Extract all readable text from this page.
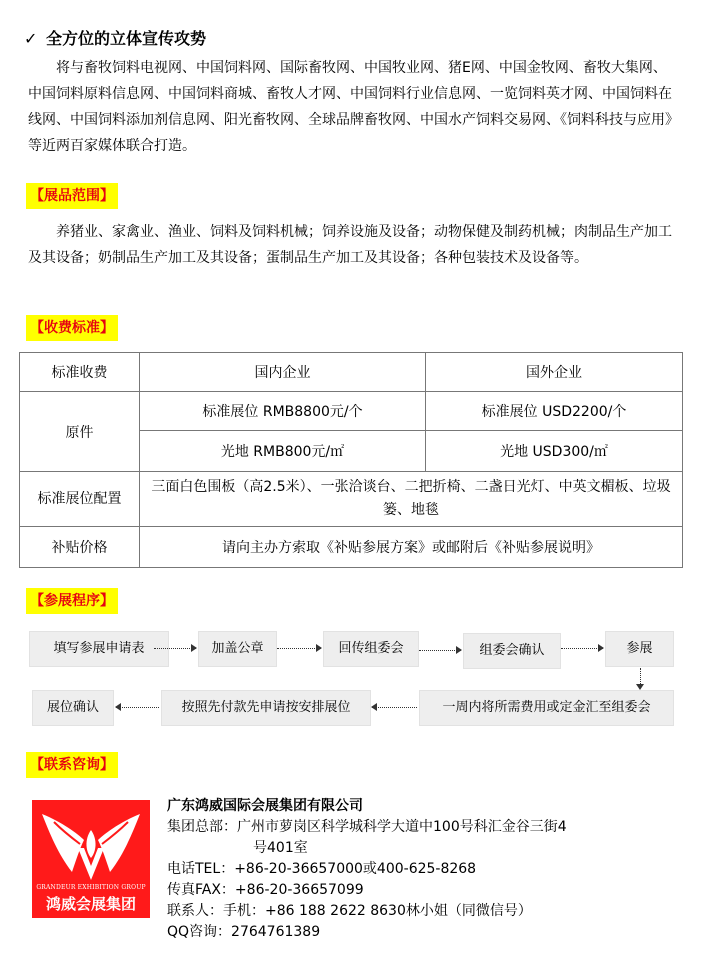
✓ 全方位的立体宣传攻势
将与畜牧饲料电视网、中国饲料网、国际畜牧网、中国牧业网、猪E网、中国金牧网、畜牧大集网、中国饲料原料信息网、中国饲料商城、畜牧人才网、中国饲料行业信息网、一览饲料英才网、中国饲料在线网、中国饲料添加剂信息网、阳光畜牧网、全球品牌畜牧网、中国水产饲料交易网、《饲料科技与应用》等近两百家媒体联合打造。
【展品范围】
养猪业、家禽业、渔业、饲料及饲料机械；饲养设施及设备；动物保健及制药机械；肉制品生产加工及其设备；奶制品生产加工及其设备；蛋制品生产加工及其设备；各种包装技术及设备等。
【收费标准】
标准收费	国内企业	国外企业
原件	标准展位 RMB8800元/个	标准展位 USD2200/个
	光地 RMB800元/㎡	光地 USD300/㎡
标准展位配置	三面白色围板（高2.5米）、一张洽谈台、二把折椅、二盏日光灯、中英文楣板、垃圾篓、地毯	
补贴价格	请向主办方索取《补贴参展方案》或邮附后《补贴参展说明》	
【参展程序】
填写参展申请表	加盖公章	回传组委会	组委会确认	参展
一周内将所需费用或定金汇至组委会
按照先付款先申请按安排展位
展位确认
【联系咨询】
GRANDEUR EXHIBITION GROUP
鸿威会展集团
广东鸿威国际会展集团有限公司
集团总部：广州市萝岗区科学城科学大道中100号科汇金谷三街4
号401室
电话TEL：+86-20-36657000或400-625-8268
传真FAX：+86-20-36657099
联系人：手机：+86 188 2622 8630林小姐（同微信号）
QQ咨询：2764761389
